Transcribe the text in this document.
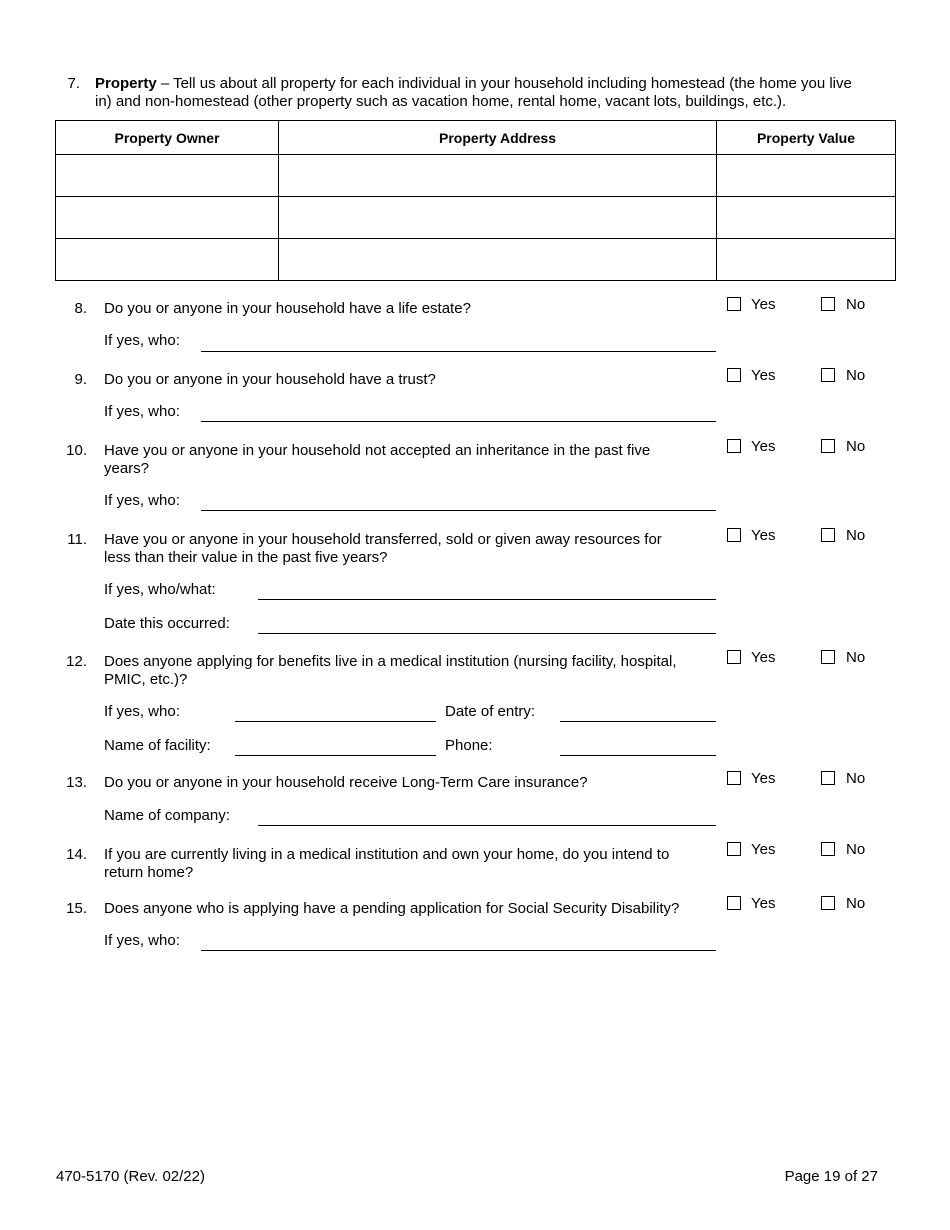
7. Property – Tell us about all property for each individual in your household including homestead (the home you live
in) and non-homestead (other property such as vacation home, rental home, vacant lots, buildings, etc.).
Property Owner	Property Address	Property Value

8. Do you or anyone in your household have a life estate?	Yes	No
If yes, who:
9. Do you or anyone in your household have a trust?	Yes	No
If yes, who:
10. Have you or anyone in your household not accepted an inheritance in the past five
years?
Yes	No
If yes, who:
11. Have you or anyone in your household transferred, sold or given away resources for
less than their value in the past five years?
Yes	No
If yes, who/what:
Date this occurred:
12. Does anyone applying for benefits live in a medical institution (nursing facility, hospital,
PMIC, etc.)?
Yes	No
If yes, who:	Date of entry:
Name of facility:	Phone:
13. Do you or anyone in your household receive Long-Term Care insurance?	Yes	No
Name of company:
14. If you are currently living in a medical institution and own your home, do you intend to
return home?
Yes	No
15. Does anyone who is applying have a pending application for Social Security Disability?	Yes	No
If yes, who:
470-5170 (Rev. 02/22)	Page 19 of 27
